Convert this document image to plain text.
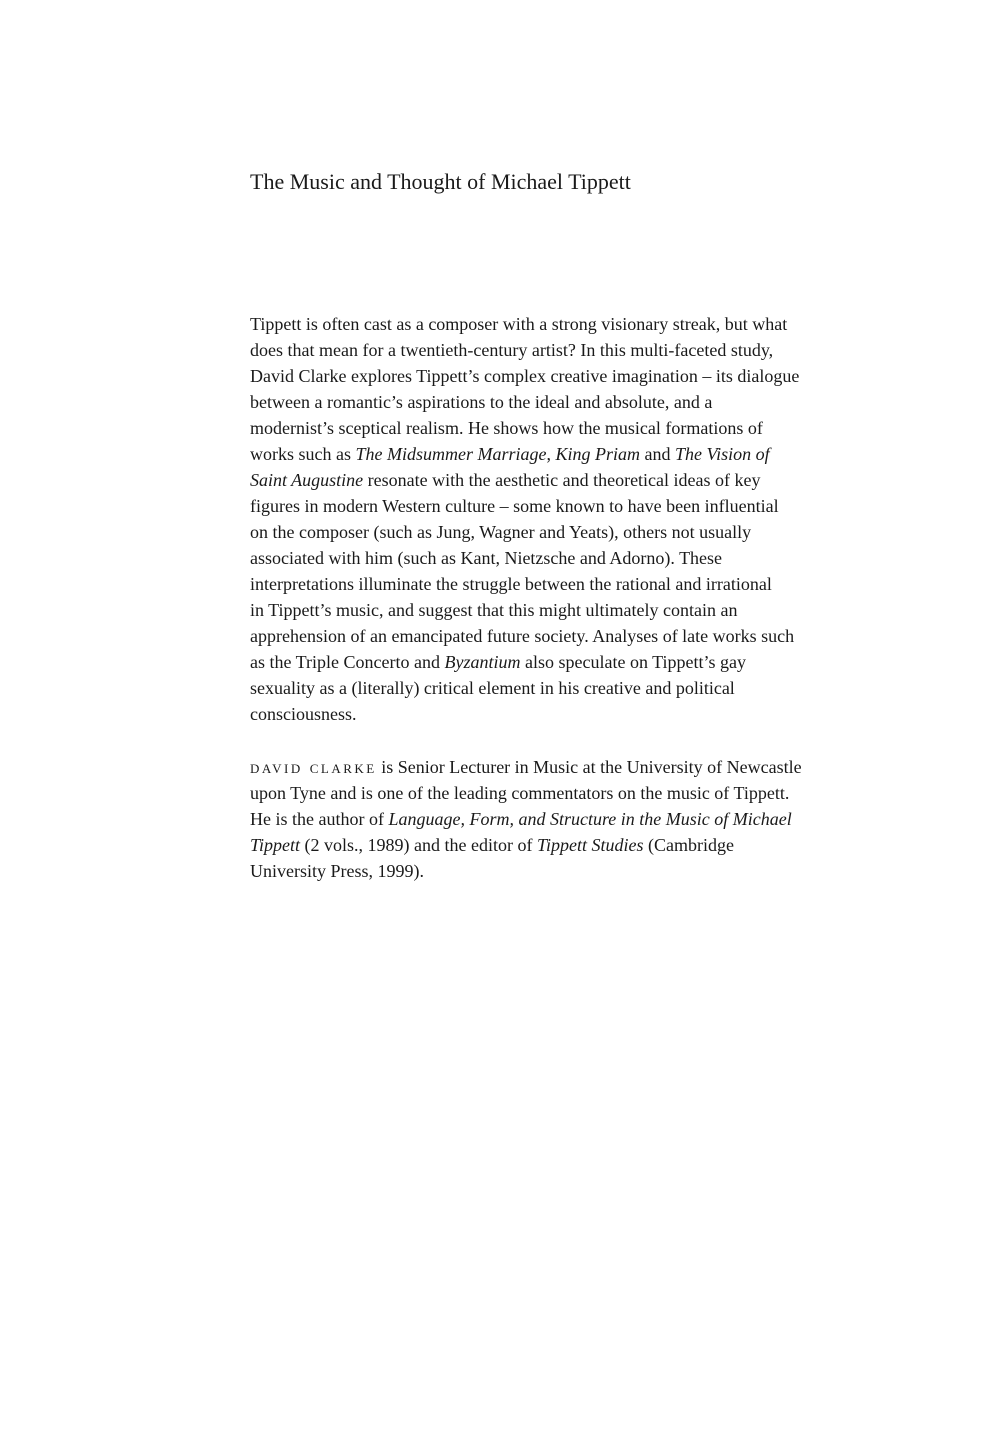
The Music and Thought of Michael Tippett
Tippett is often cast as a composer with a strong visionary streak, but what
does that mean for a twentieth-century artist? In this multi-faceted study,
David Clarke explores Tippett’s complex creative imagination – its dialogue
between a romantic’s aspirations to the ideal and absolute, and a
modernist’s sceptical realism. He shows how the musical formations of
works such as The Midsummer Marriage, King Priam and The Vision of
Saint Augustine resonate with the aesthetic and theoretical ideas of key
figures in modern Western culture – some known to have been influential
on the composer (such as Jung, Wagner and Yeats), others not usually
associated with him (such as Kant, Nietzsche and Adorno). These
interpretations illuminate the struggle between the rational and irrational
in Tippett’s music, and suggest that this might ultimately contain an
apprehension of an emancipated future society. Analyses of late works such
as the Triple Concerto and Byzantium also speculate on Tippett’s gay
sexuality as a (literally) critical element in his creative and political
consciousness.
david clarke is Senior Lecturer in Music at the University of Newcastle
upon Tyne and is one of the leading commentators on the music of Tippett.
He is the author of Language, Form, and Structure in the Music of Michael
Tippett (2 vols., 1989) and the editor of Tippett Studies (Cambridge
University Press, 1999).
